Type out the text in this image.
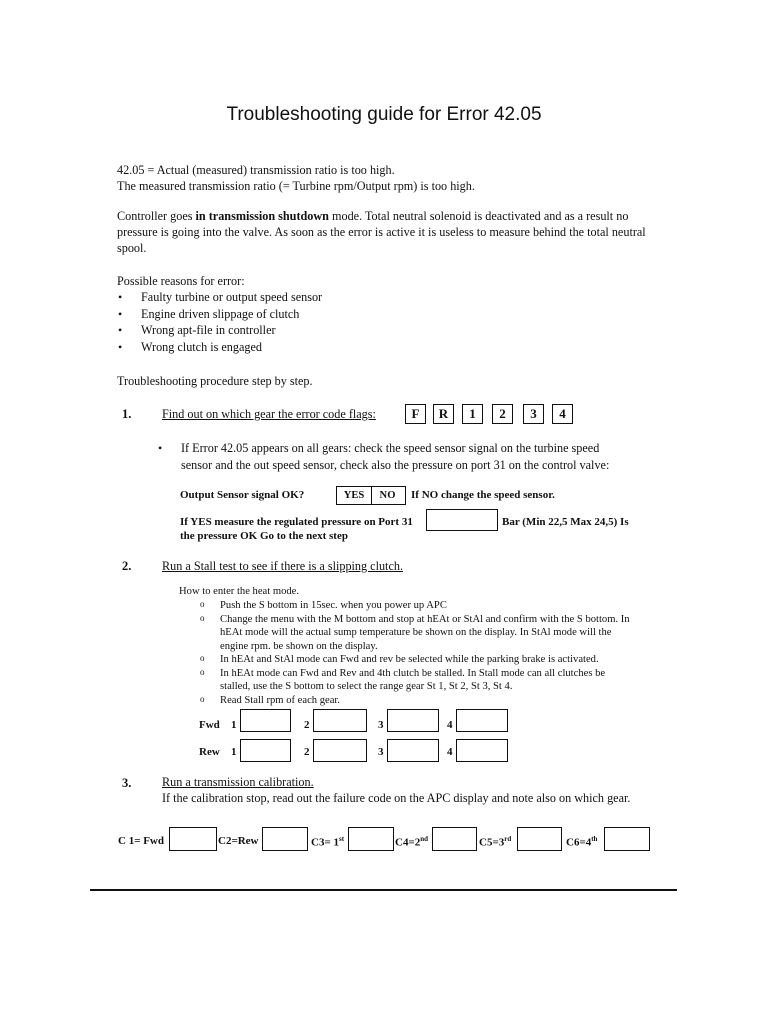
Troubleshooting guide for Error 42.05
42.05 = Actual (measured) transmission ratio is too high.
The measured transmission ratio (= Turbine rpm/Output rpm) is too high.
Controller goes in transmission shutdown mode. Total neutral solenoid is deactivated and as a result no pressure is going into the valve. As soon as the error is active it is useless to measure behind the total neutral spool.
Possible reasons for error:
• Faulty turbine or output speed sensor
• Engine driven slippage of clutch
• Wrong apt-file in controller
• Wrong clutch is engaged
Troubleshooting procedure step by step.
1.	Find out on which gear the error code flags:	F	R	1	2	3	4
• If Error 42.05 appears on all gears: check the speed sensor signal on the turbine speed sensor and the out speed sensor, check also the pressure on port 31 on the control valve:
Output Sensor signal OK?	YES	NO	If NO change the speed sensor.
If YES measure the regulated pressure on Port 31	Bar (Min 22,5 Max 24,5) Is
the pressure OK Go to the next step
2.	Run a Stall test to see if there is a slipping clutch.
How to enter the heat mode.
o Push the S bottom in 15sec. when you power up APC
o Change the menu with the M bottom and stop at hEAt or StAl and confirm with the S bottom. In hEAt mode will the actual sump temperature be shown on the display. In StAl mode will the engine rpm. be shown on the display.
o In hEAt and StAl mode can Fwd and rev be selected while the parking brake is activated.
o In hEAt mode can Fwd and Rev and 4th clutch be stalled. In Stall mode can all clutches be stalled, use the S bottom to select the range gear St 1, St 2, St 3, St 4.
o Read Stall rpm of each gear.
Fwd 1	2	3	4
Rew 1	2	3	4
3.	Run a transmission calibration.
If the calibration stop, read out the failure code on the APC display and note also on which gear.
C 1= Fwd	C2=Rew	C3= 1st	C4=2nd	C5=3rd	C6=4th
